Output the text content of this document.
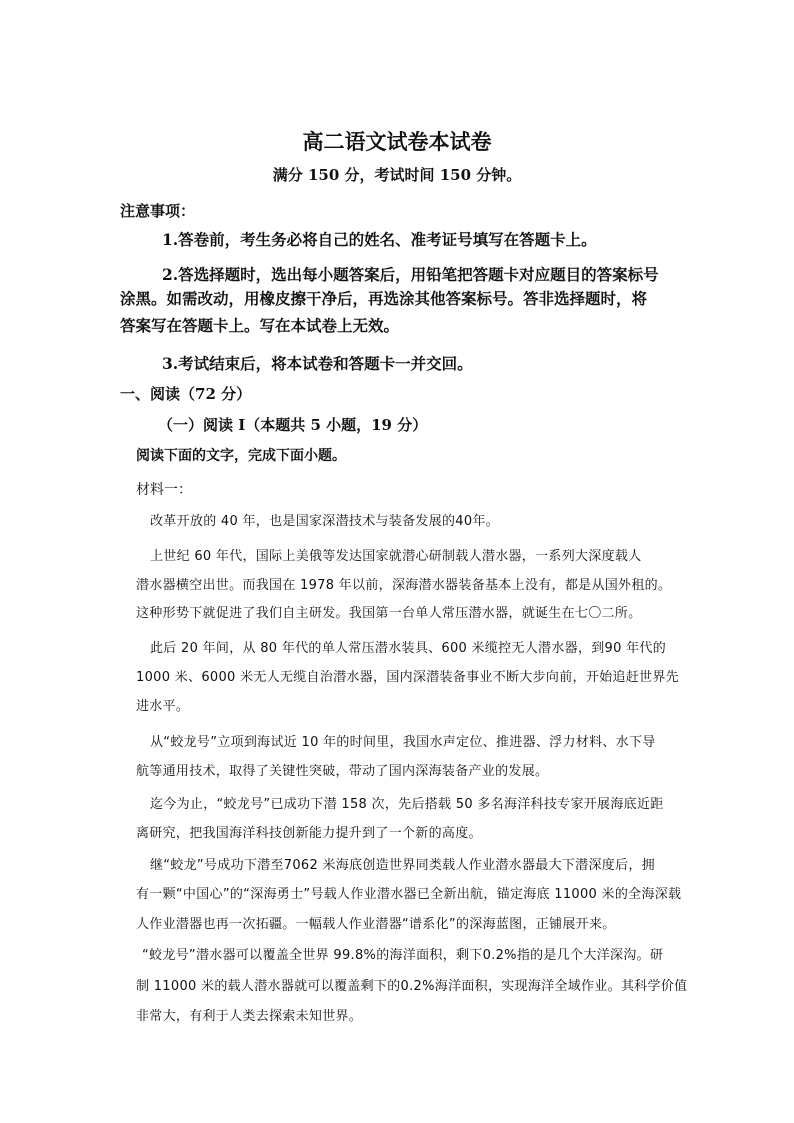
高二语文试卷本试卷
满分 150 分，考试时间 150 分钟。
注意事项：
1.答卷前，考生务必将自己的姓名、准考证号填写在答题卡上。
2.答选择题时，选出每小题答案后，用铅笔把答题卡对应题目的答案标号
涂黑。如需改动，用橡皮擦干净后，再选涂其他答案标号。答非选择题时，将
答案写在答题卡上。写在本试卷上无效。
3.考试结束后，将本试卷和答题卡一并交回。
一、阅读（72 分）
（一）阅读 I（本题共 5 小题，19 分）
阅读下面的文字，完成下面小题。
材料一：
改革开放的 40 年，也是国家深潜技术与装备发展的40年。
上世纪 60 年代，国际上美俄等发达国家就潜心研制载人潜水器，一系列大深度载人
潜水器横空出世。而我国在 1978 年以前，深海潜水器装备基本上没有，都是从国外租的。
这种形势下就促进了我们自主研发。我国第一台单人常压潜水器，就诞生在七〇二所。
此后 20 年间，从 80 年代的单人常压潜水装具、600 米缆控无人潜水器，到90 年代的
1000 米、6000 米无人无缆自治潜水器，国内深潜装备事业不断大步向前，开始追赶世界先
进水平。
从“蛟龙号”立项到海试近 10 年的时间里，我国水声定位、推进器、浮力材料、水下导
航等通用技术，取得了关键性突破，带动了国内深海装备产业的发展。
迄今为止，“蛟龙号”已成功下潜 158 次，先后搭载 50 多名海洋科技专家开展海底近距
离研究，把我国海洋科技创新能力提升到了一个新的高度。
继“蛟龙”号成功下潜至7062 米海底创造世界同类载人作业潜水器最大下潜深度后，拥
有一颗“中国心”的“深海勇士”号载人作业潜水器已全新出航，锚定海底 11000 米的全海深载
人作业潜器也再一次拓疆。一幅载人作业潜器“谱系化”的深海蓝图，正铺展开来。
“蛟龙号”潜水器可以覆盖全世界 99.8%的海洋面积，剩下0.2%指的是几个大洋深沟。研
制 11000 米的载人潜水器就可以覆盖剩下的0.2%海洋面积，实现海洋全域作业。其科学价值
非常大，有利于人类去探索未知世界。
